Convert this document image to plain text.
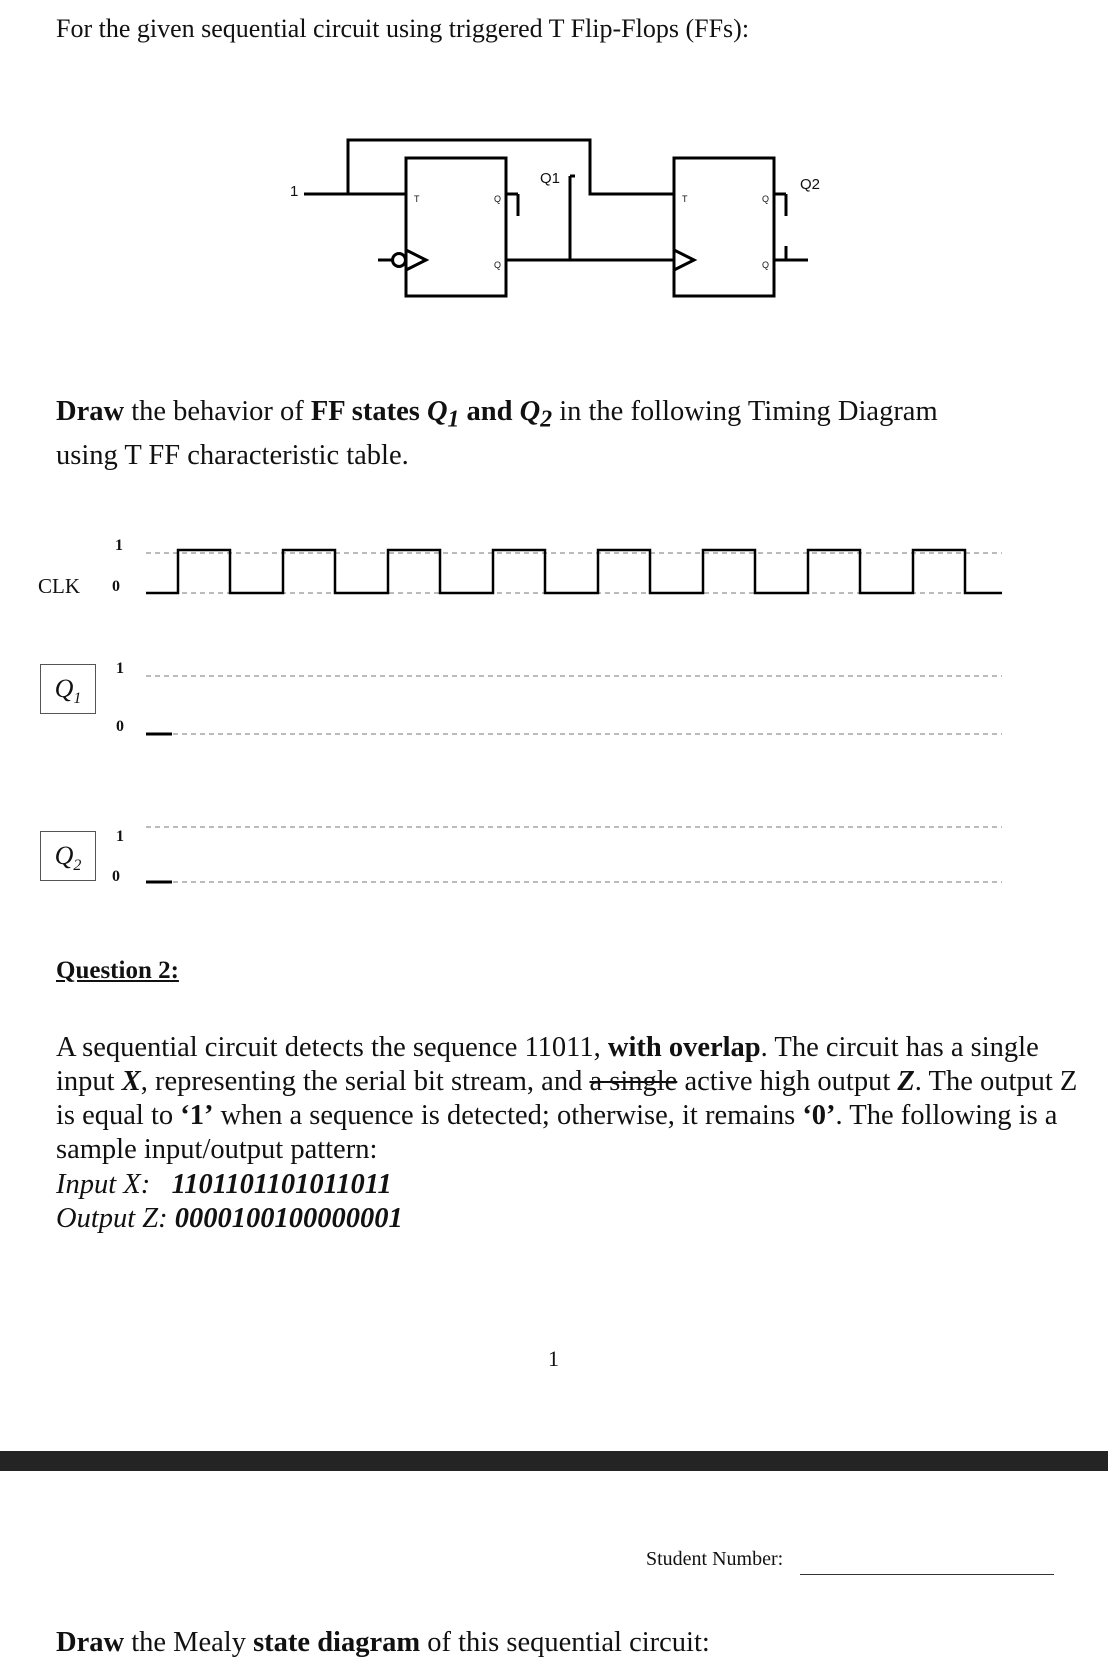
For the given sequential circuit using triggered T Flip-Flops (FFs):
1	T	Q
Q
T	Q
Q
Q1	Q2
Draw the behavior of FF states $Q_1$ and $Q_2$ in the following Timing Diagram
using T FF characteristic table.
CLK
1
0
$Q_1$
1
0
$Q_2$
1
0
Question 2:
A sequential circuit detects the sequence 11011, with overlap. The circuit has a single input X, representing the serial bit stream, and a single active high output Z. The output Z is equal to ‘1’ when a sequence is detected; otherwise, it remains ‘0’. The following is a sample input/output pattern:
Input X: 1101101101011011
Output Z: 0000100100000001
1
Student Number:
Draw the Mealy state diagram of this sequential circuit:
